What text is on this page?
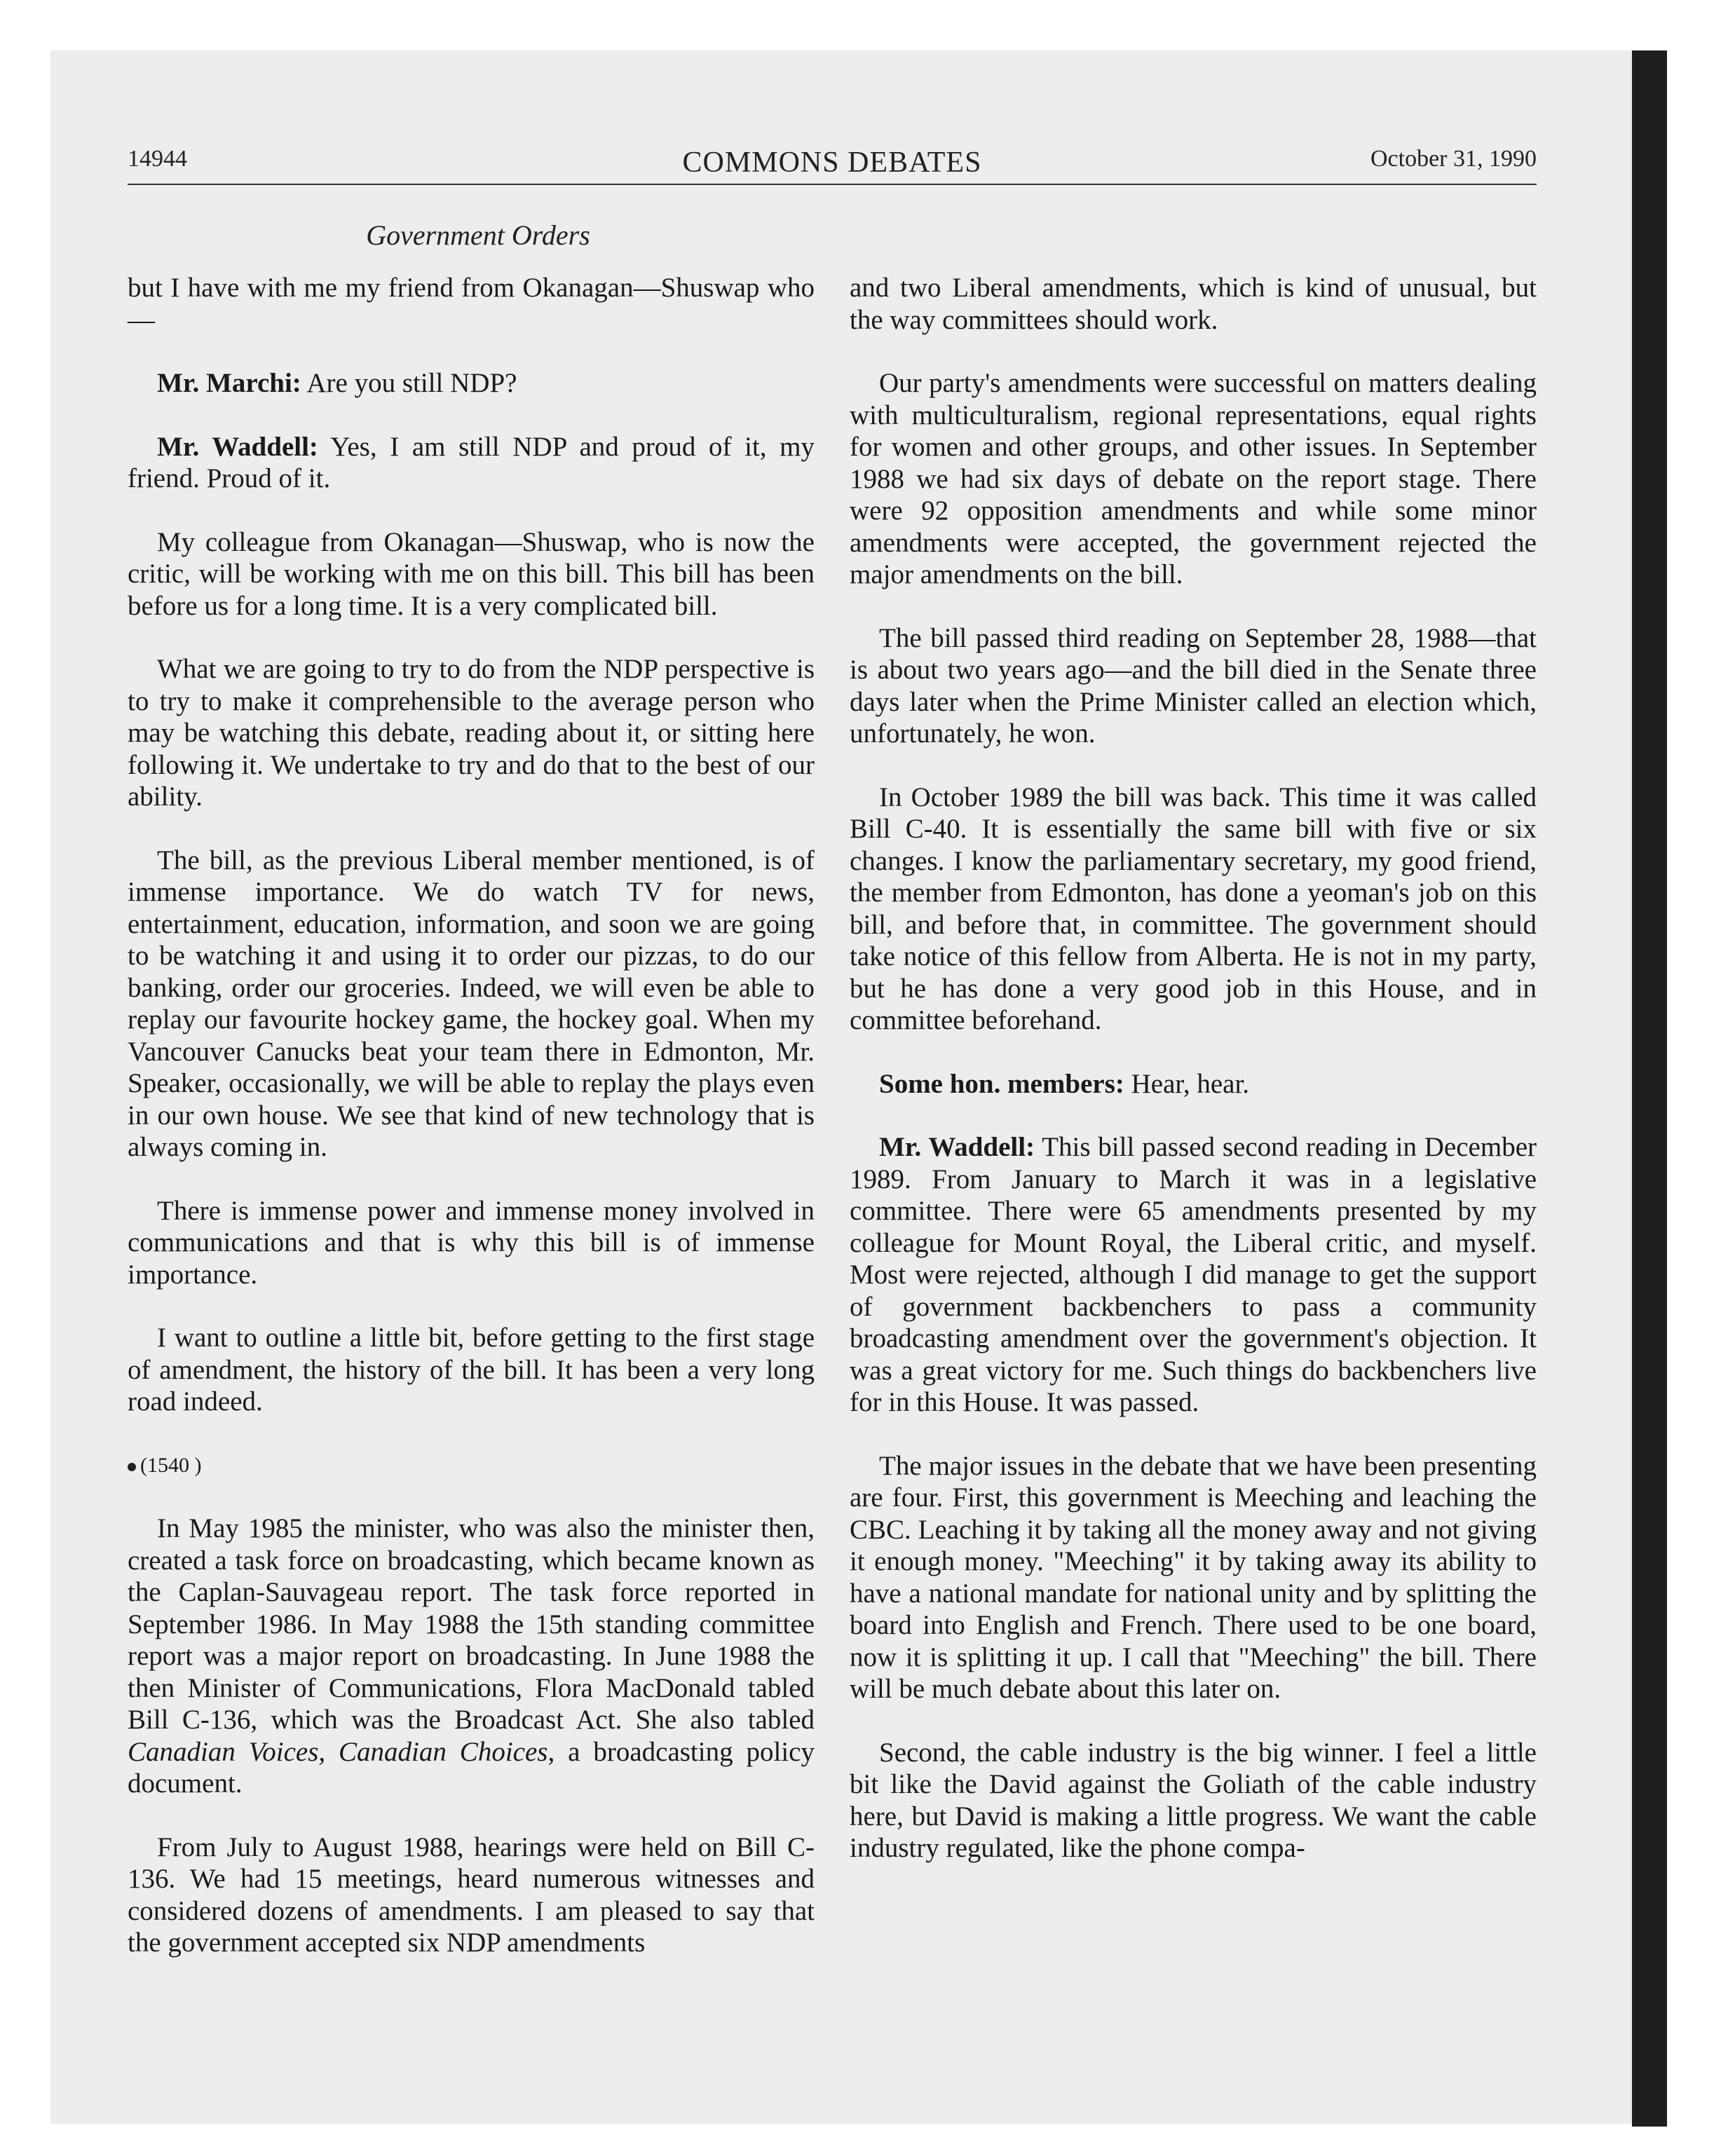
14944	COMMONS DEBATES	October 31, 1990
Government Orders

but I have with me my friend from Okanagan—Shuswap who—

Mr. Marchi: Are you still NDP?

Mr. Waddell: Yes, I am still NDP and proud of it, my friend. Proud of it.

My colleague from Okanagan—Shuswap, who is now the critic, will be working with me on this bill. This bill has been before us for a long time. It is a very complicated bill.

What we are going to try to do from the NDP perspective is to try to make it comprehensible to the average person who may be watching this debate, reading about it, or sitting here following it. We undertake to try and do that to the best of our ability.

The bill, as the previous Liberal member mentioned, is of immense importance. We do watch TV for news, entertainment, education, information, and soon we are going to be watching it and using it to order our pizzas, to do our banking, order our groceries. Indeed, we will even be able to replay our favourite hockey game, the hockey goal. When my Vancouver Canucks beat your team there in Edmonton, Mr. Speaker, occasionally, we will be able to replay the plays even in our own house. We see that kind of new technology that is always coming in.

There is immense power and immense money involved in communications and that is why this bill is of immense importance.

I want to outline a little bit, before getting to the first stage of amendment, the history of the bill. It has been a very long road indeed.

(1540 )

In May 1985 the minister, who was also the minister then, created a task force on broadcasting, which became known as the Caplan-Sauvageau report. The task force reported in September 1986. In May 1988 the 15th standing committee report was a major report on broadcasting. In June 1988 the then Minister of Communications, Flora MacDonald tabled Bill C-136, which was the Broadcast Act. She also tabled Canadian Voices, Canadian Choices, a broadcasting policy document.

From July to August 1988, hearings were held on Bill C-136. We had 15 meetings, heard numerous witnesses and considered dozens of amendments. I am pleased to say that the government accepted six NDP amendments

and two Liberal amendments, which is kind of unusual, but the way committees should work.

Our party's amendments were successful on matters dealing with multiculturalism, regional representations, equal rights for women and other groups, and other issues. In September 1988 we had six days of debate on the report stage. There were 92 opposition amendments and while some minor amendments were accepted, the government rejected the major amendments on the bill.

The bill passed third reading on September 28, 1988—that is about two years ago—and the bill died in the Senate three days later when the Prime Minister called an election which, unfortunately, he won.

In October 1989 the bill was back. This time it was called Bill C-40. It is essentially the same bill with five or six changes. I know the parliamentary secretary, my good friend, the member from Edmonton, has done a yeoman's job on this bill, and before that, in committee. The government should take notice of this fellow from Alberta. He is not in my party, but he has done a very good job in this House, and in committee beforehand.

Some hon. members: Hear, hear.

Mr. Waddell: This bill passed second reading in December 1989. From January to March it was in a legislative committee. There were 65 amendments presented by my colleague for Mount Royal, the Liberal critic, and myself. Most were rejected, although I did manage to get the support of government backbenchers to pass a community broadcasting amendment over the government's objection. It was a great victory for me. Such things do backbenchers live for in this House. It was passed.

The major issues in the debate that we have been presenting are four. First, this government is Meeching and leaching the CBC. Leaching it by taking all the money away and not giving it enough money. "Meeching" it by taking away its ability to have a national mandate for national unity and by splitting the board into English and French. There used to be one board, now it is splitting it up. I call that "Meeching" the bill. There will be much debate about this later on.

Second, the cable industry is the big winner. I feel a little bit like the David against the Goliath of the cable industry here, but David is making a little progress. We want the cable industry regulated, like the phone compa-
